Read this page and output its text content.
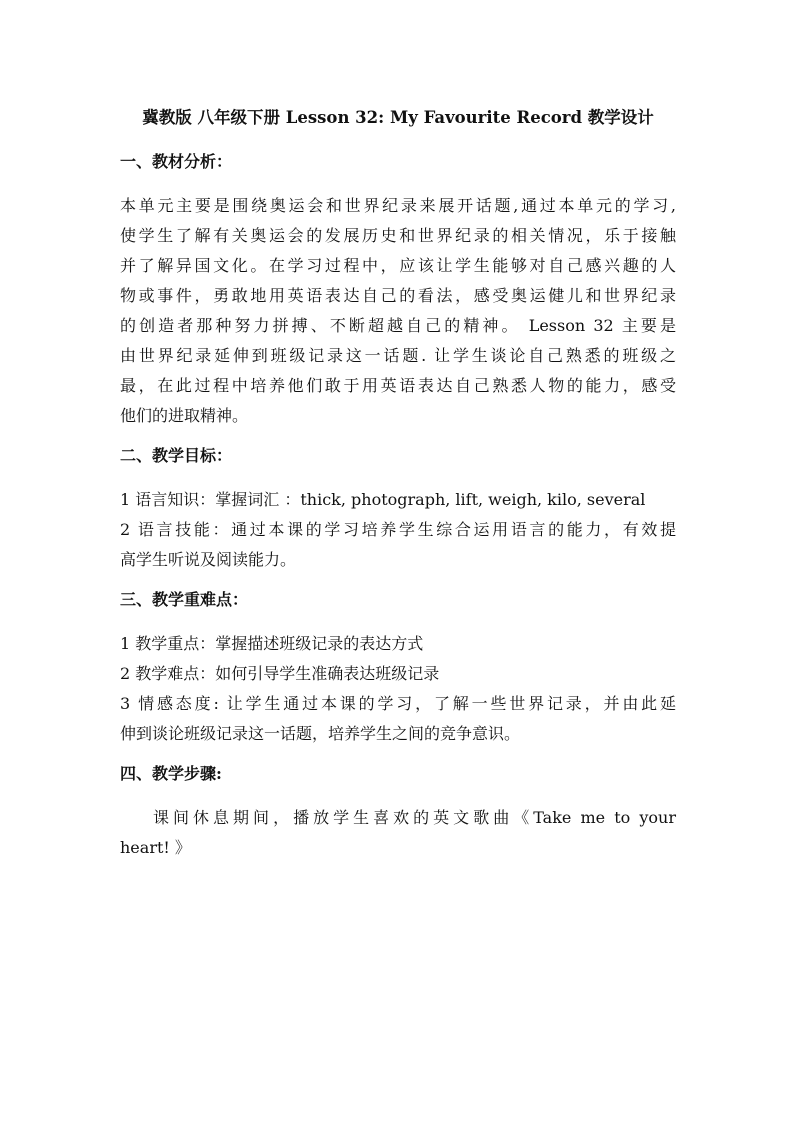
冀教版 八年级下册 Lesson 32: My Favourite Record 教学设计
一、教材分析：
本单元主要是围绕奥运会和世界纪录来展开话题,通过本单元的学习,
使学生了解有关奥运会的发展历史和世界纪录的相关情况，乐于接触
并了解异国文化。在学习过程中，应该让学生能够对自己感兴趣的人
物或事件，勇敢地用英语表达自己的看法，感受奥运健儿和世界纪录
的创造者那种努力拼搏、不断超越自己的精神。 Lesson 32 主要是
由世界纪录延伸到班级记录这一话题. 让学生谈论自己熟悉的班级之
最，在此过程中培养他们敢于用英语表达自己熟悉人物的能力，感受
他们的进取精神。
二、教学目标：
1 语言知识：掌握词汇 ：thick, photograph, lift, weigh, kilo, several
2 语言技能：通过本课的学习培养学生综合运用语言的能力，有效提
高学生听说及阅读能力。
三、教学重难点：
1 教学重点：掌握描述班级记录的表达方式
2 教学难点：如何引导学生准确表达班级记录
3 情感态度: 让学生通过本课的学习，了解一些世界记录，并由此延
伸到谈论班级记录这一话题，培养学生之间的竞争意识。
四、教学步骤:
课间休息期间，播放学生喜欢的英文歌曲《Take me to your
heart! 》
